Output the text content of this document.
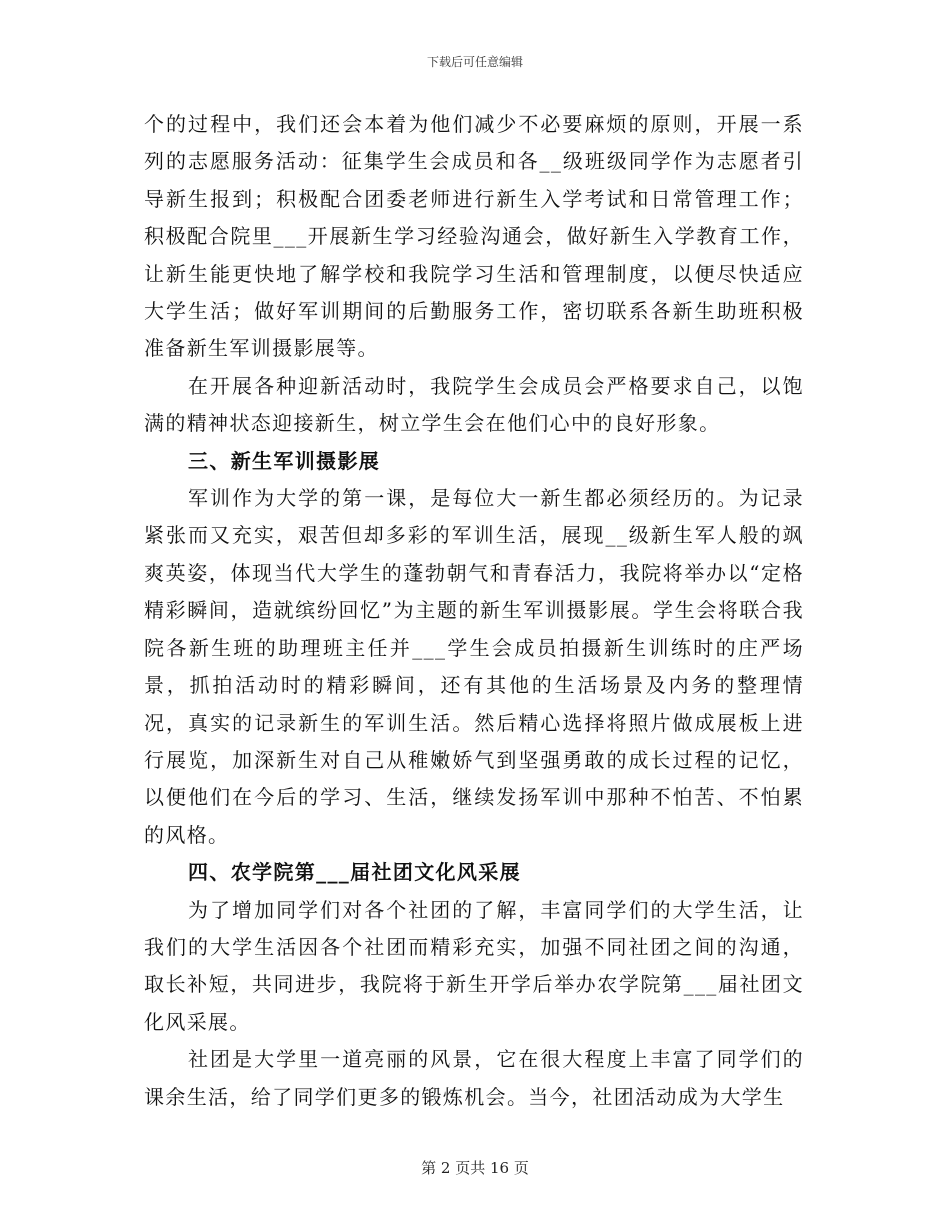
下载后可任意编辑

个的过程中，我们还会本着为他们减少不必要麻烦的原则，开展一系列的志愿服务活动：征集学生会成员和各__级班级同学作为志愿者引导新生报到；积极配合团委老师进行新生入学考试和日常管理工作；积极配合院里___开展新生学习经验沟通会，做好新生入学教育工作，让新生能更快地了解学校和我院学习生活和管理制度，以便尽快适应大学生活；做好军训期间的后勤服务工作，密切联系各新生助班积极准备新生军训摄影展等。

在开展各种迎新活动时，我院学生会成员会严格要求自己，以饱满的精神状态迎接新生，树立学生会在他们心中的良好形象。

三、新生军训摄影展

军训作为大学的第一课，是每位大一新生都必须经历的。为记录紧张而又充实，艰苦但却多彩的军训生活，展现__级新生军人般的飒爽英姿，体现当代大学生的蓬勃朝气和青春活力，我院将举办以“定格精彩瞬间，造就缤纷回忆”为主题的新生军训摄影展。学生会将联合我院各新生班的助理班主任并___学生会成员拍摄新生训练时的庄严场景，抓拍活动时的精彩瞬间，还有其他的生活场景及内务的整理情况，真实的记录新生的军训生活。然后精心选择将照片做成展板上进行展览，加深新生对自己从稚嫩娇气到坚强勇敢的成长过程的记忆，以便他们在今后的学习、生活，继续发扬军训中那种不怕苦、不怕累的风格。

四、农学院第___届社团文化风采展

为了增加同学们对各个社团的了解，丰富同学们的大学生活，让我们的大学生活因各个社团而精彩充实，加强不同社团之间的沟通，取长补短，共同进步，我院将于新生开学后举办农学院第___届社团文化风采展。

社团是大学里一道亮丽的风景，它在很大程度上丰富了同学们的课余生活，给了同学们更多的锻炼机会。当今，社团活动成为大学生

第 2 页共 16 页
